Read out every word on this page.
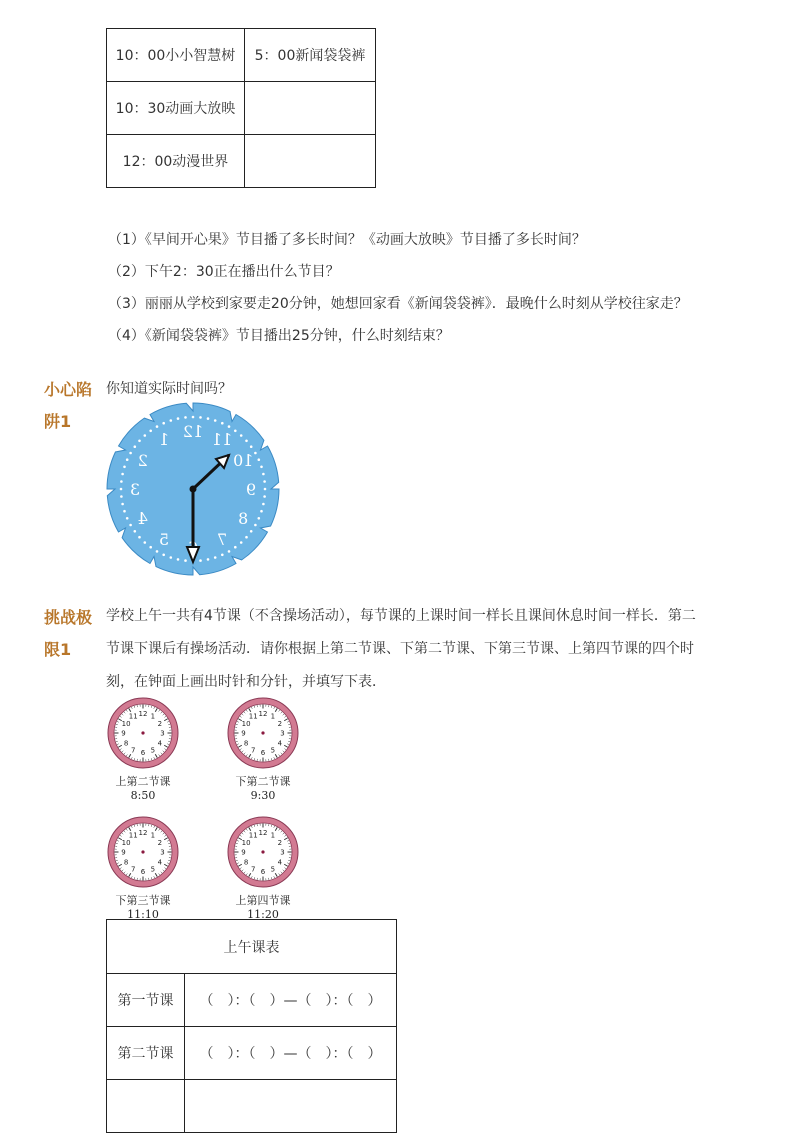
10：00小小智慧树	5：00新闻袋袋裤
10：30动画大放映	
12：00动漫世界	
（1）《早间开心果》节目播了多长时间？《动画大放映》节目播了多长时间？
（2）下午2：30正在播出什么节目？
（3）丽丽从学校到家要走20分钟，她想回家看《新闻袋袋裤》．最晚什么时刻从学校往家走？
（4）《新闻袋袋裤》节目播出25分钟，什么时刻结束？
小心陷
阱1
你知道实际时间吗？
12
1
2
3
4
5	7
8
9
10
11
挑战极
限1
学校上午一共有4节课（不含操场活动），每节课的上课时间一样长且课间休息时间一样长．第二
节课下课后有操场活动．请你根据上第二节课、下第二节课、下第三节课、上第四节课的四个时
刻，在钟面上画出时针和分针，并填写下表．
12 1
2
3
4
5
6
7
8
9
10
11	12 1
2
3
4
5
6
7
8
9
10
11
12 1
2
3
4
5
6
7
8
9
10
11	12 1
2
3
4
5
6
7
8
9
10
11
上第二节课
8:50
下第二节课
9:30
下第三节课
11:10
上第四节课
11:20
上午课表	
第一节课	（　）：（　）—（　）：（　）
第二节课	（　）：（　）—（　）：（　）
